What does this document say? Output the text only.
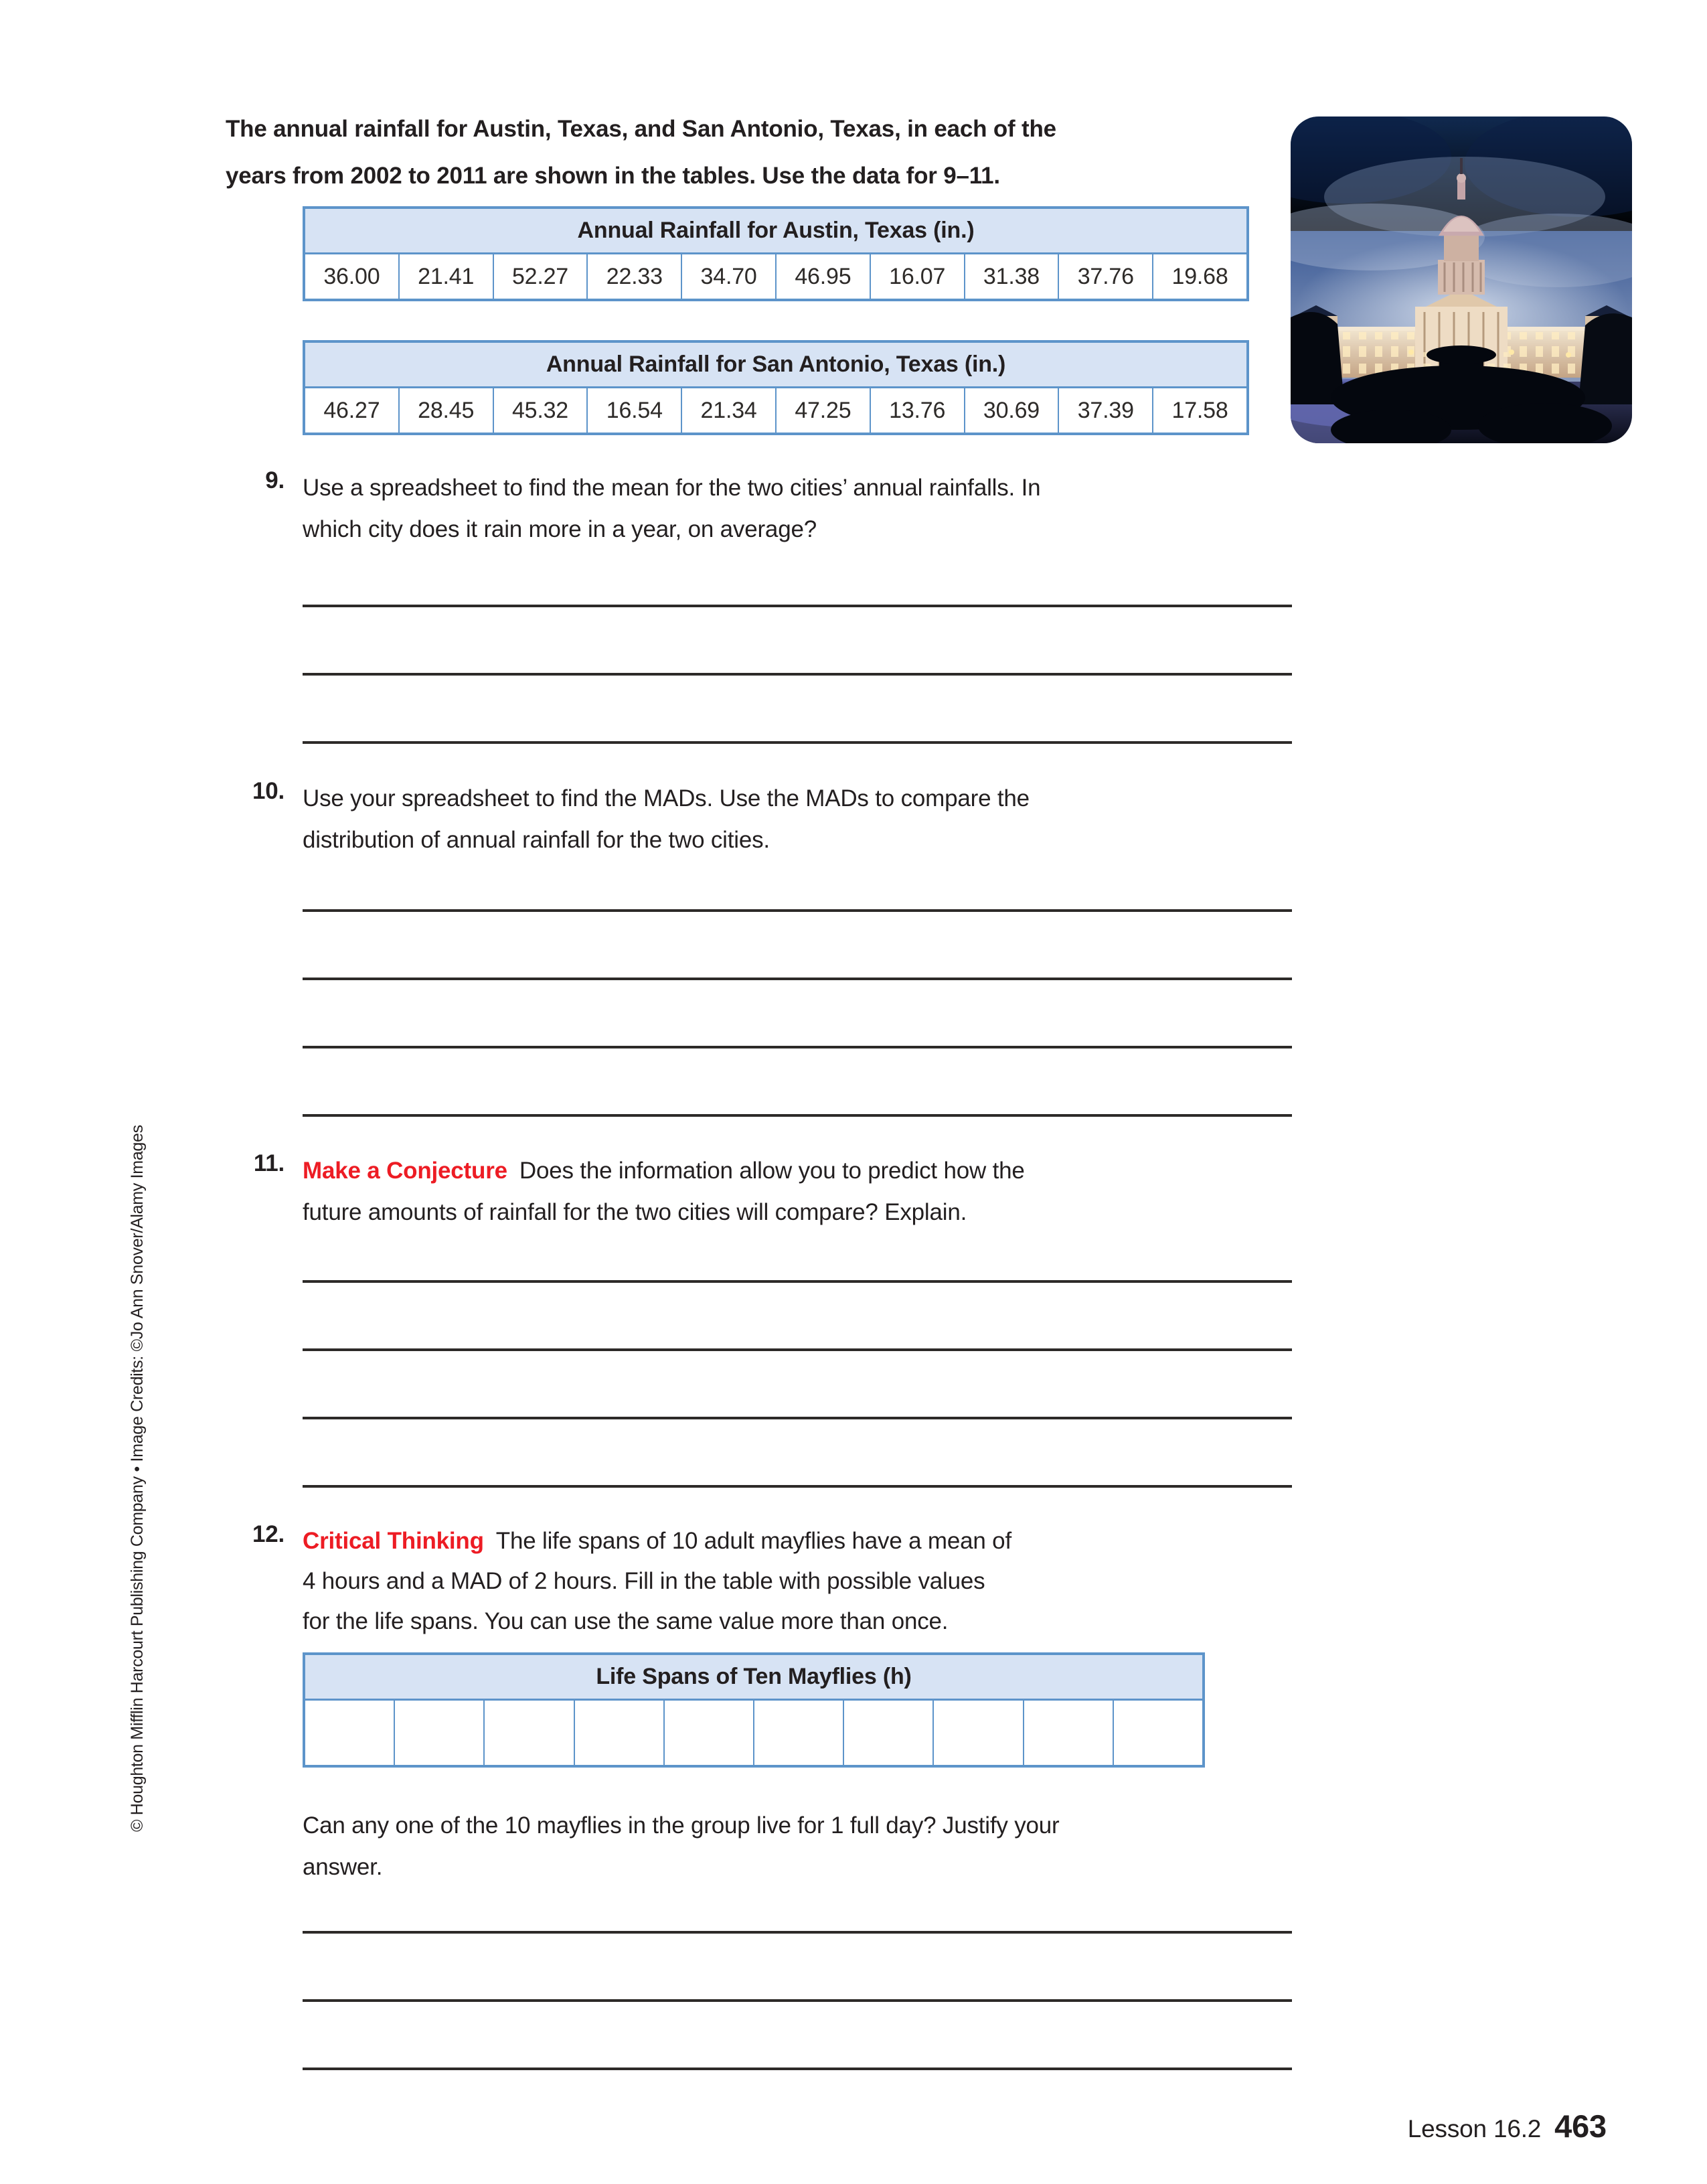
© Houghton Mifflin Harcourt Publishing Company • Image Credits: ©Jo Ann Snover/Alamy Images
The annual rainfall for Austin, Texas, and San Antonio, Texas, in each of the
years from 2002 to 2011 are shown in the tables. Use the data for 9–11.
Annual Rainfall for Austin, Texas (in.)
36.00	21.41	52.27	22.33	34.70	46.95	16.07	31.38	37.76	19.68
Annual Rainfall for San Antonio, Texas (in.)
46.27	28.45	45.32	16.54	21.34	47.25	13.76	30.69	37.39	17.58
9. Use a spreadsheet to find the mean for the two cities’ annual rainfalls. In
which city does it rain more in a year, on average?
10. Use your spreadsheet to find the MADs. Use the MADs to compare the
distribution of annual rainfall for the two cities.
11. Make a Conjecture Does the information allow you to predict how the
future amounts of rainfall for the two cities will compare? Explain.
12. Critical Thinking The life spans of 10 adult mayflies have a mean of
4 hours and a MAD of 2 hours. Fill in the table with possible values
for the life spans. You can use the same value more than once.
Life Spans of Ten Mayflies (h)
Can any one of the 10 mayflies in the group live for 1 full day? Justify your
answer.
Lesson 16.2 463
